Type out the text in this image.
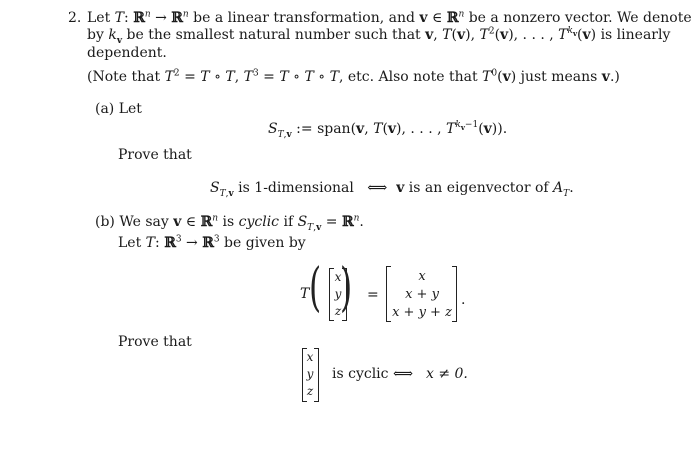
2. Let T: ℝ$^n$ → ℝ$^n$ be a linear transformation, and v ∈ ℝ$^n$ be a nonzero vector. We denote
by $k_v$ be the smallest natural number such that v, T(v), $T^2(v)$, . . . , $T^{k_v}(v)$ is linearly
dependent.
(Note that $T^2 = T$ ∘ T, $T^3 = T$ ∘ T ∘ T, etc. Also note that $T^0(v)$ just means v.)
(a) Let
$S_{T,v}$ := span(v, T(v), . . . , $T^{k_v-1}(v)$).
Prove that
$S_{T,v}$ is 1-dimensional   ⟺ v is an eigenvector of $A_T$.
(b) We say v ∈ ℝ$^n$ is cyclic if $S_{T,v}$ = ℝ$^n$.
Let T: ℝ$^3$ → ℝ$^3$ be given by
T (	x
y
z
) =
x
x + y
x + y + z
.
Prove that
x
y
z
is cyclic ⟺ x ≠ 0.
